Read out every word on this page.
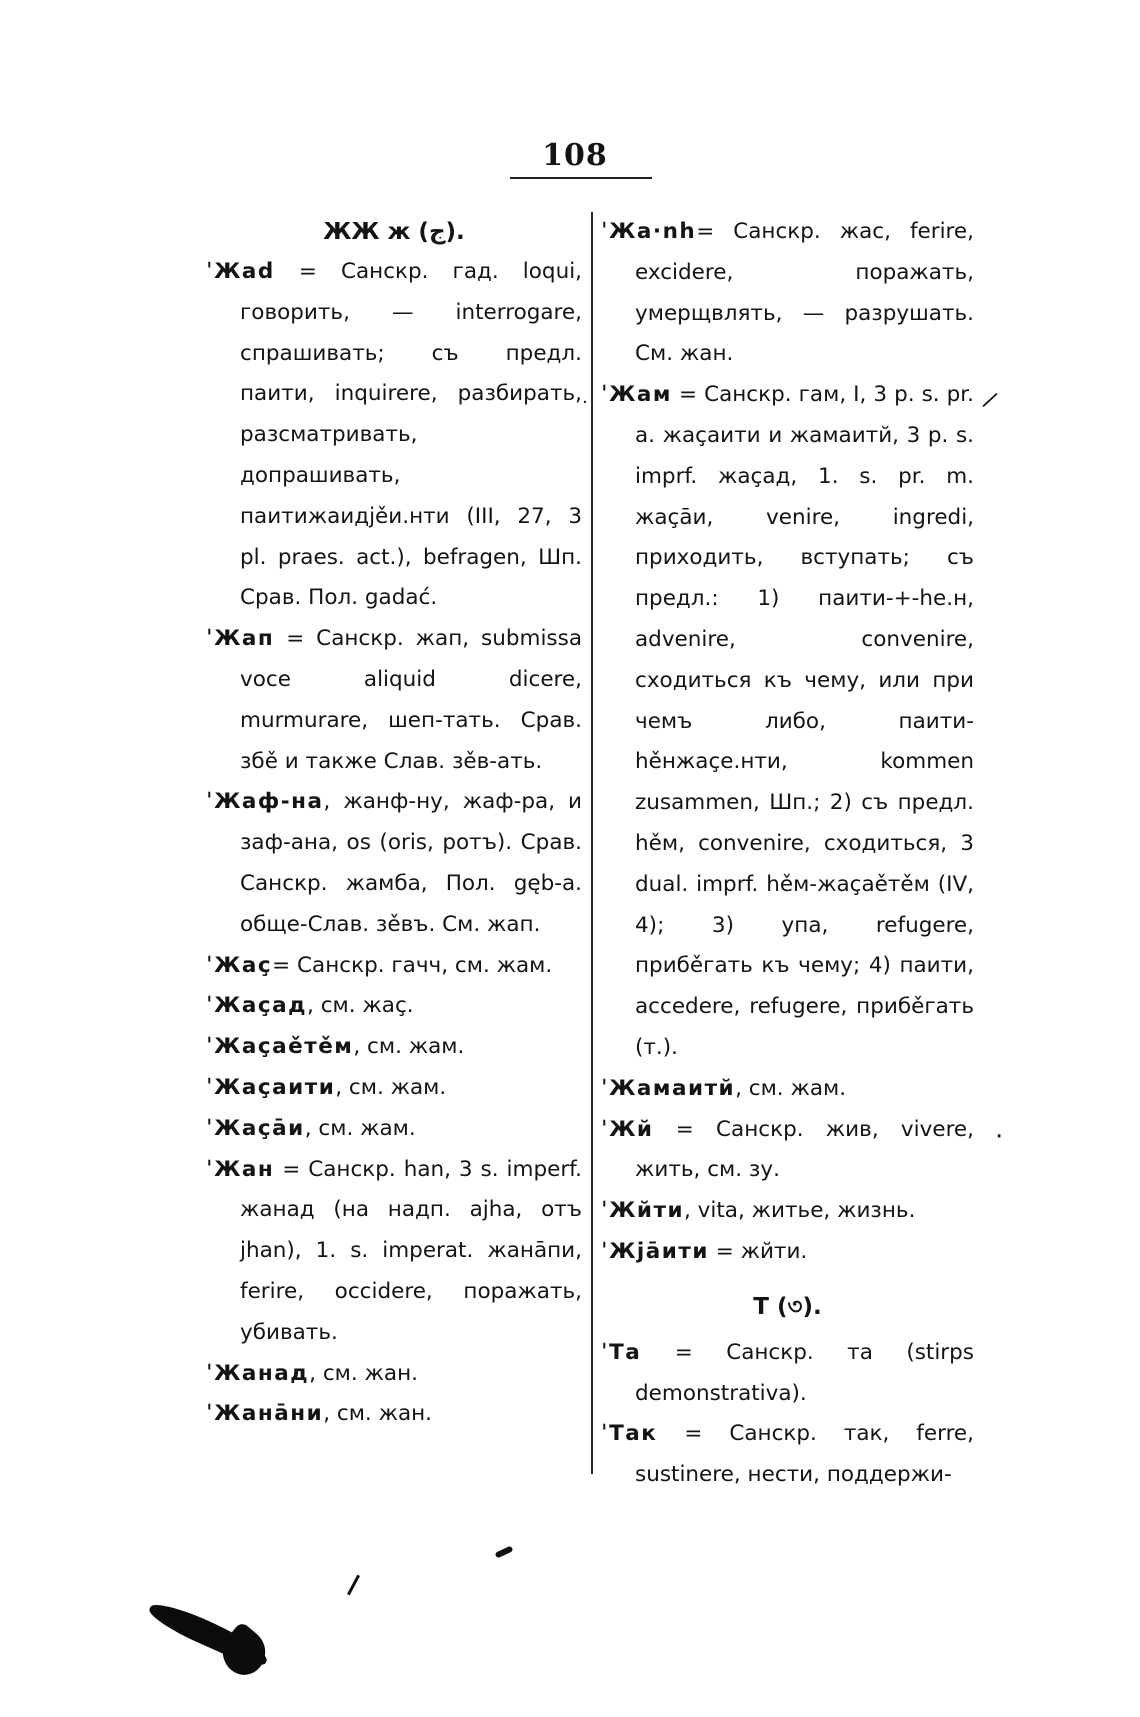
108
ЖЖ ж (ج).

ˈ Жad = Санскр. гад. loqui, говорить, — interrogare, спрашивать; съ предл. паити, inquirere, разбирать, разсматривать, допрашивать, паитижаидjěи.нти (III, 27, 3 pl. praes. act.), befragen, Шп. Срав. Пол. gadać.

ˈ Жап = Санскр. жап, submissa voce aliquid dicere, murmurare, шеп-тать. Срав. збě и также Слав. зěв-ать.

ˈ Жаф-на, жанф-ну, жаф-ра, и зaф-ана, os (oris, ротъ). Срав. Санскр. жамба, Пол. gęb-a. обще-Слав. зěвъ. См. жап.

ˈ Жаç= Санскр. гачч, см. жам.

ˈ Жаçад, см. жаç.

ˈ Жаçаěтěм, см. жам.

ˈ Жаçаити, см. жам.

ˈ Жаçāи, см. жам.

ˈ Жан = Санскр. han, 3 s. imperf. жанад (на надп. ajha, отъ jhan), 1. s. imperat. жанāпи, ferire, occidere, поражать, убивать.

ˈ Жанад, см. жан.

ˈ Жанāни, см. жан.

ˈ Жа·nh= Санскр. жас, ferire, excidere, поражать, умерщвлять, — разрушать. См. жан.

ˈ Жам = Санскр. гам, I, 3 p. s. pr. a. жаçаити и жамаитй, 3 p. s. imprf. жаçад, 1. s. pr. m. жаçāи, venire, ingredi, приходить, вступать; съ предл.: 1) паити-+-he.н, advenire, convenire, сходиться къ чему, или при чемъ либо, паити-hěнжаçе.нти, kommen zusammen, Шп.; 2) съ предл. hěм, convenire, сходиться, 3 dual. imprf. hěм-жаçаěтěм (IV, 4); 3) упа, refugere, прибěгать къ чему; 4) паити, accedere, refugere, прибěгать (т.).

ˈ Жамаитй, см. жам.

ˈ Жй = Санскр. жив, vivere, жить, см. зу.

ˈ Жйти, vita, житье, жизнь.

ˈ Жjāити = жйти.

Т (৩).

ˈ Та = Санскр. та (stirps demonstrativa).

ˈ Так = Санскр. так, ferre, sustinere, нести, поддержи-

·	/
·
